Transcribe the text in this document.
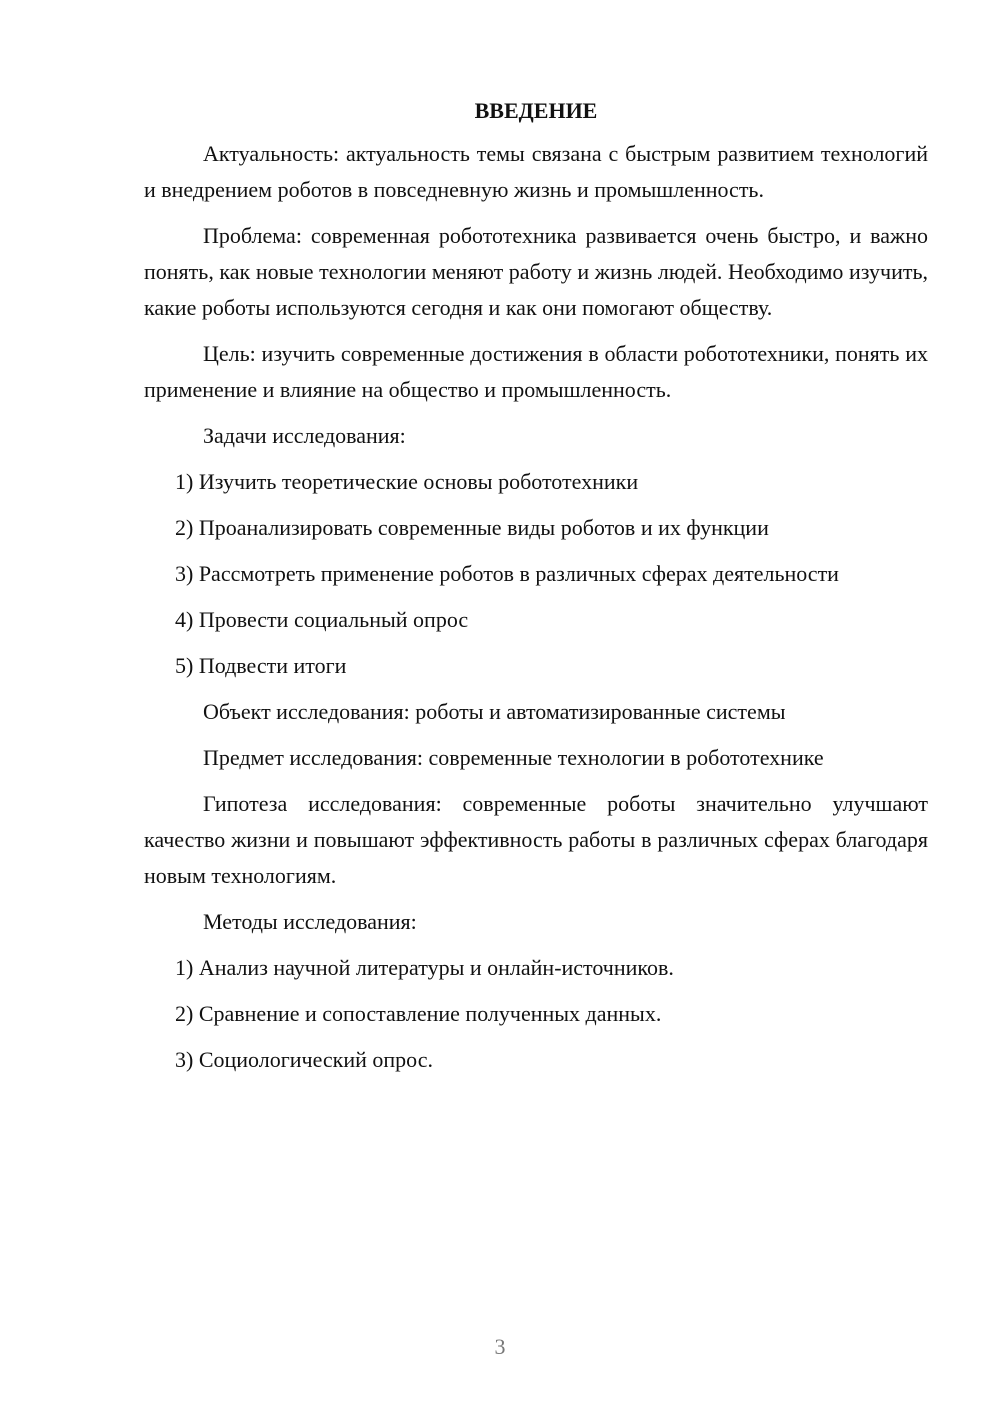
ВВЕДЕНИЕ
Актуальность: актуальность темы связана с быстрым развитием технологий и внедрением роботов в повседневную жизнь и промышленность.
Проблема: современная робототехника развивается очень быстро, и важно понять, как новые технологии меняют работу и жизнь людей. Необходимо изучить, какие роботы используются сегодня и как они помогают обществу.
Цель: изучить современные достижения в области робототехники, понять их применение и влияние на общество и промышленность.
Задачи исследования:
1) Изучить теоретические основы робототехники
2) Проанализировать современные виды роботов и их функции
3) Рассмотреть применение роботов в различных сферах деятельности
4) Провести социальный опрос
5) Подвести итоги
Объект исследования: роботы и автоматизированные системы
Предмет исследования: современные технологии в робототехнике
Гипотеза исследования: современные роботы значительно улучшают качество жизни и повышают эффективность работы в различных сферах благодаря новым технологиям.
Методы исследования:
1) Анализ научной литературы и онлайн-источников.
2) Сравнение и сопоставление полученных данных.
3) Социологический опрос.
3
